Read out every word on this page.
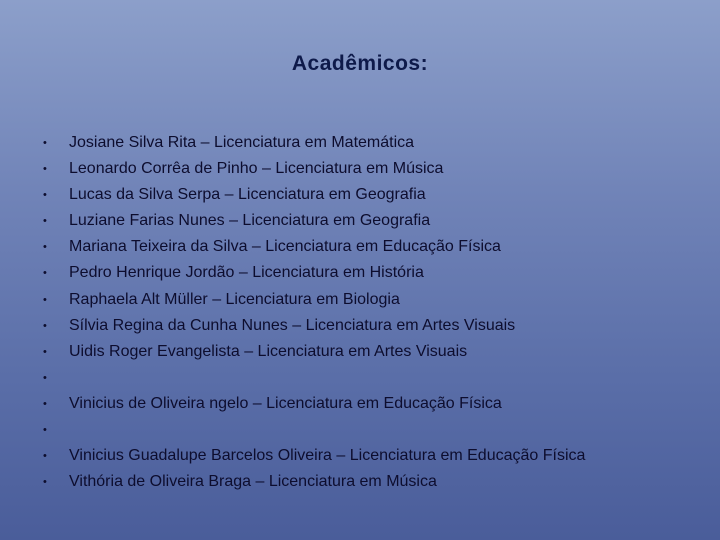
Acadêmicos:
• Josiane Silva Rita – Licenciatura em Matemática
• Leonardo Corrêa de Pinho – Licenciatura em Música
• Lucas da Silva Serpa – Licenciatura em Geografia
• Luziane Farias Nunes – Licenciatura em Geografia
• Mariana Teixeira da Silva – Licenciatura em Educação Física
• Pedro Henrique Jordão – Licenciatura em História
• Raphaela Alt Müller – Licenciatura em Biologia
• Sílvia Regina da Cunha Nunes – Licenciatura em Artes Visuais
• Uidis Roger Evangelista – Licenciatura em Artes Visuais
•
• Vinicius de Oliveira ngelo – Licenciatura em Educação Física
•
• Vinicius Guadalupe Barcelos Oliveira – Licenciatura em Educação Física
• Vithória de Oliveira Braga – Licenciatura em Música
